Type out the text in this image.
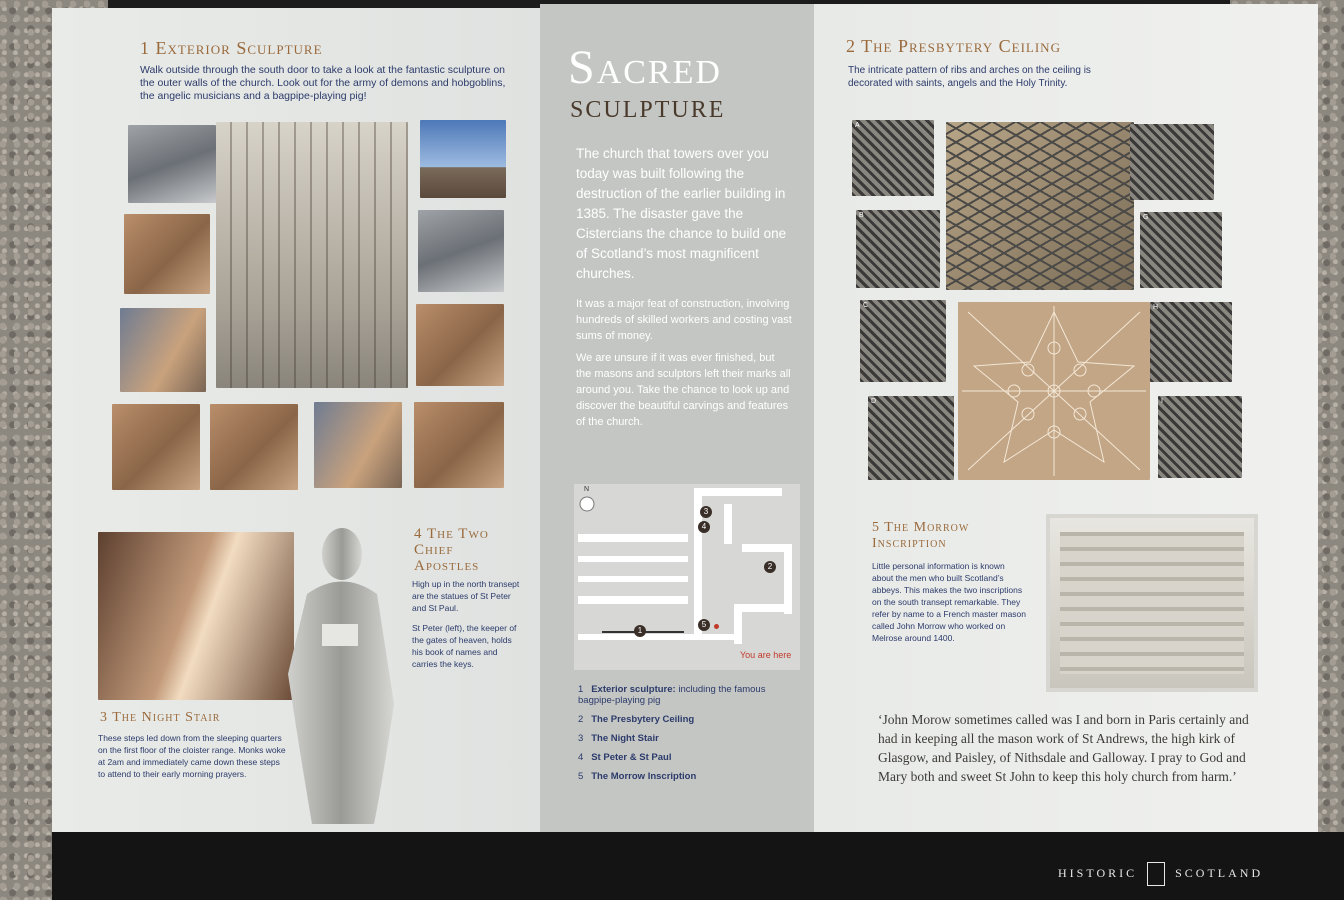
1 Exterior Sculpture
Walk outside through the south door to take a look at the fantastic sculpture on the outer walls of the church. Look out for the army of demons and hobgoblins, the angelic musicians and a bagpipe-playing pig!
3 The Night Stair
These steps led down from the sleeping quarters on the first floor of the cloister range. Monks woke at 2am and immediately came down these steps to attend to their early morning prayers.
4 The Two
Chief
Apostles
High up in the north transept are the statues of St Peter and St Paul.
St Peter (left), the keeper of the gates of heaven, holds his book of names and carries the keys.
Sacred
sculpture
The church that towers over you today was built following the destruction of the earlier building in 1385. The disaster gave the Cistercians the chance to build one of Scotland’s most magnificent churches.
It was a major feat of construction, involving hundreds of skilled workers and costing vast sums of money.
We are unsure if it was ever finished, but the masons and sculptors left their marks all around you. Take the chance to look up and discover the beautiful carvings and features of the church.
N
1
2
3
4
5
You are here
1 Exterior sculpture: including the famous bagpipe-playing pig
2 The Presbytery Ceiling
3 The Night Stair
4 St Peter & St Paul
5 The Morrow Inscription
2 The Presbytery Ceiling
The intricate pattern of ribs and arches on the ceiling is decorated with saints, angels and the Holy Trinity.
A
B	G
C	H
D	I
5 The Morrow
Inscription
Little personal information is known about the men who built Scotland’s abbeys. This makes the two inscriptions on the south transept remarkable. They refer by name to a French master mason called John Morrow who worked on Melrose around 1400.
‘John Morow sometimes called was I and born in Paris certainly and had in keeping all the mason work of St Andrews, the high kirk of Glasgow, and Paisley, of Nithsdale and Galloway. I pray to God and Mary both and sweet St John to keep this holy church from harm.’
HISTORIC	SCOTLAND
